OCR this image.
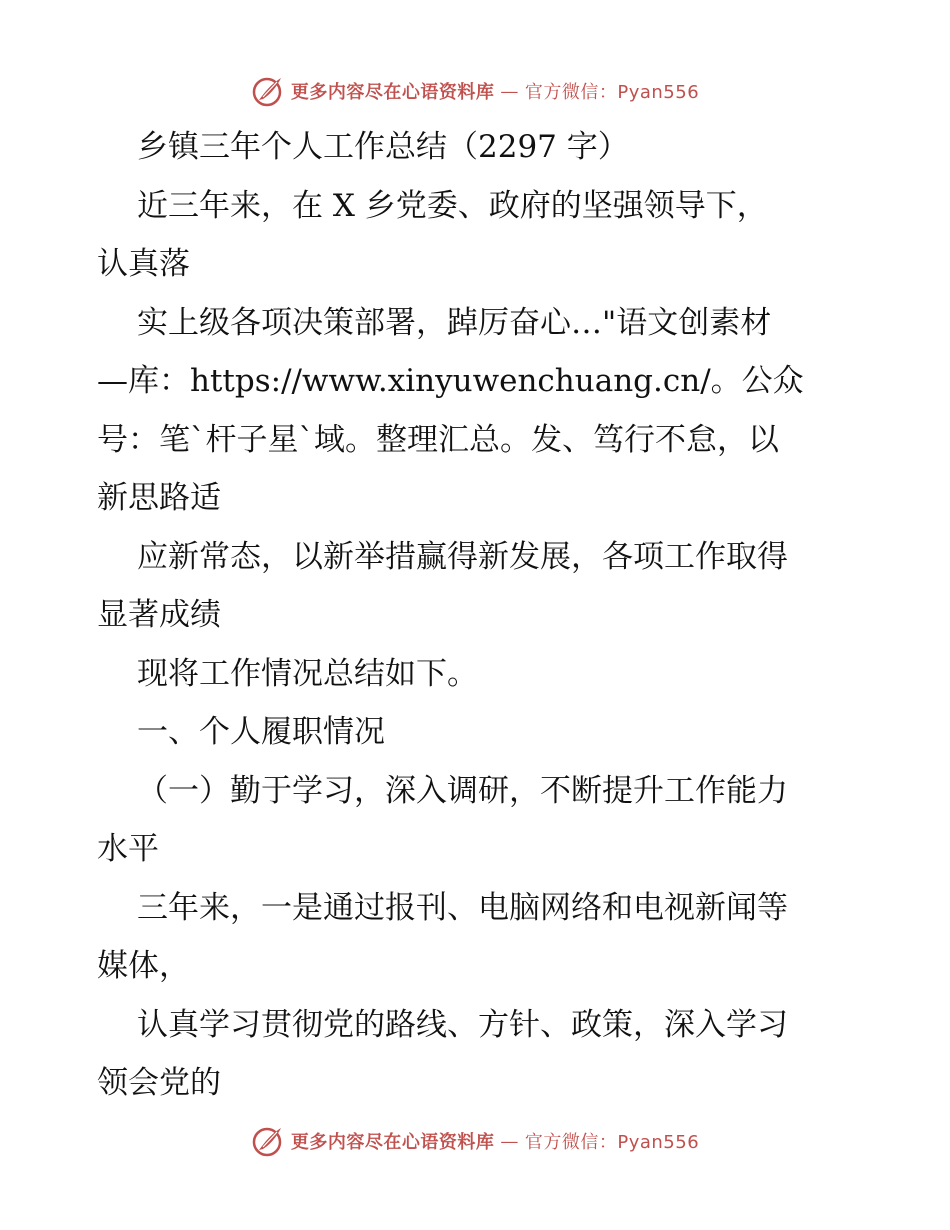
更多内容尽在心语资料库 — 官方微信：Pyan556

乡镇三年个人工作总结（2297 字）

近三年来，在 X 乡党委、政府的坚强领导下，

认真落

实上级各项决策部署，踔厉奋心…"语文创素材

—库：https://www.xinyuwenchuang.cn/。公众

号：笔`杆子星`域。整理汇总。发、笃行不怠，以

新思路适

应新常态，以新举措赢得新发展，各项工作取得

显著成绩

现将工作情况总结如下。

一、个人履职情况

（一）勤于学习，深入调研，不断提升工作能力

水平

三年来，一是通过报刊、电脑网络和电视新闻等

媒体，

认真学习贯彻党的路线、方针、政策，深入学习

领会党的

更多内容尽在心语资料库 — 官方微信：Pyan556
